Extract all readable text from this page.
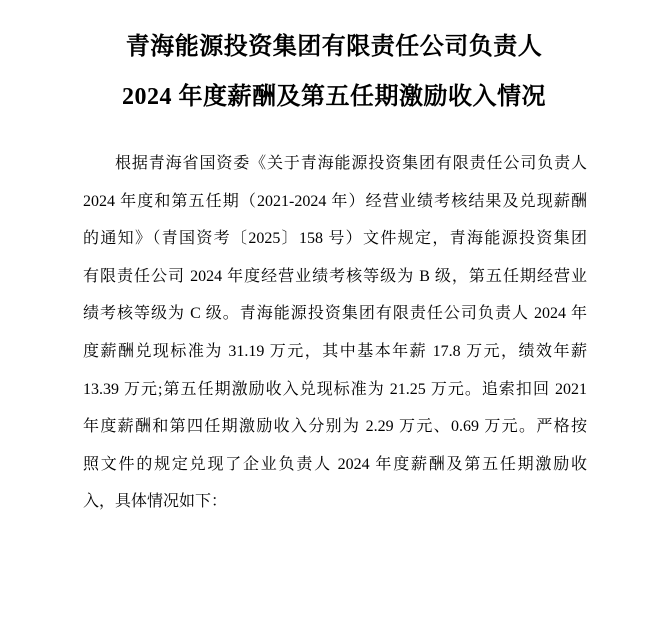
青海能源投资集团有限责任公司负责人
2024 年度薪酬及第五任期激励收入情况
根据青海省国资委《关于青海能源投资集团有限责任公司负责人
2024 年度和第五任期（2021-2024 年）经营业绩考核结果及兑现薪酬
的通知》（青国资考〔2025〕158 号）文件规定，青海能源投资集团
有限责任公司 2024 年度经营业绩考核等级为 B 级，第五任期经营业
绩考核等级为 C 级。青海能源投资集团有限责任公司负责人 2024 年
度薪酬兑现标准为 31.19 万元，其中基本年薪 17.8 万元，绩效年薪
13.39 万元;第五任期激励收入兑现标准为 21.25 万元。追索扣回 2021
年度薪酬和第四任期激励收入分别为 2.29 万元、0.69 万元。严格按
照文件的规定兑现了企业负责人 2024 年度薪酬及第五任期激励收
入，具体情况如下：
